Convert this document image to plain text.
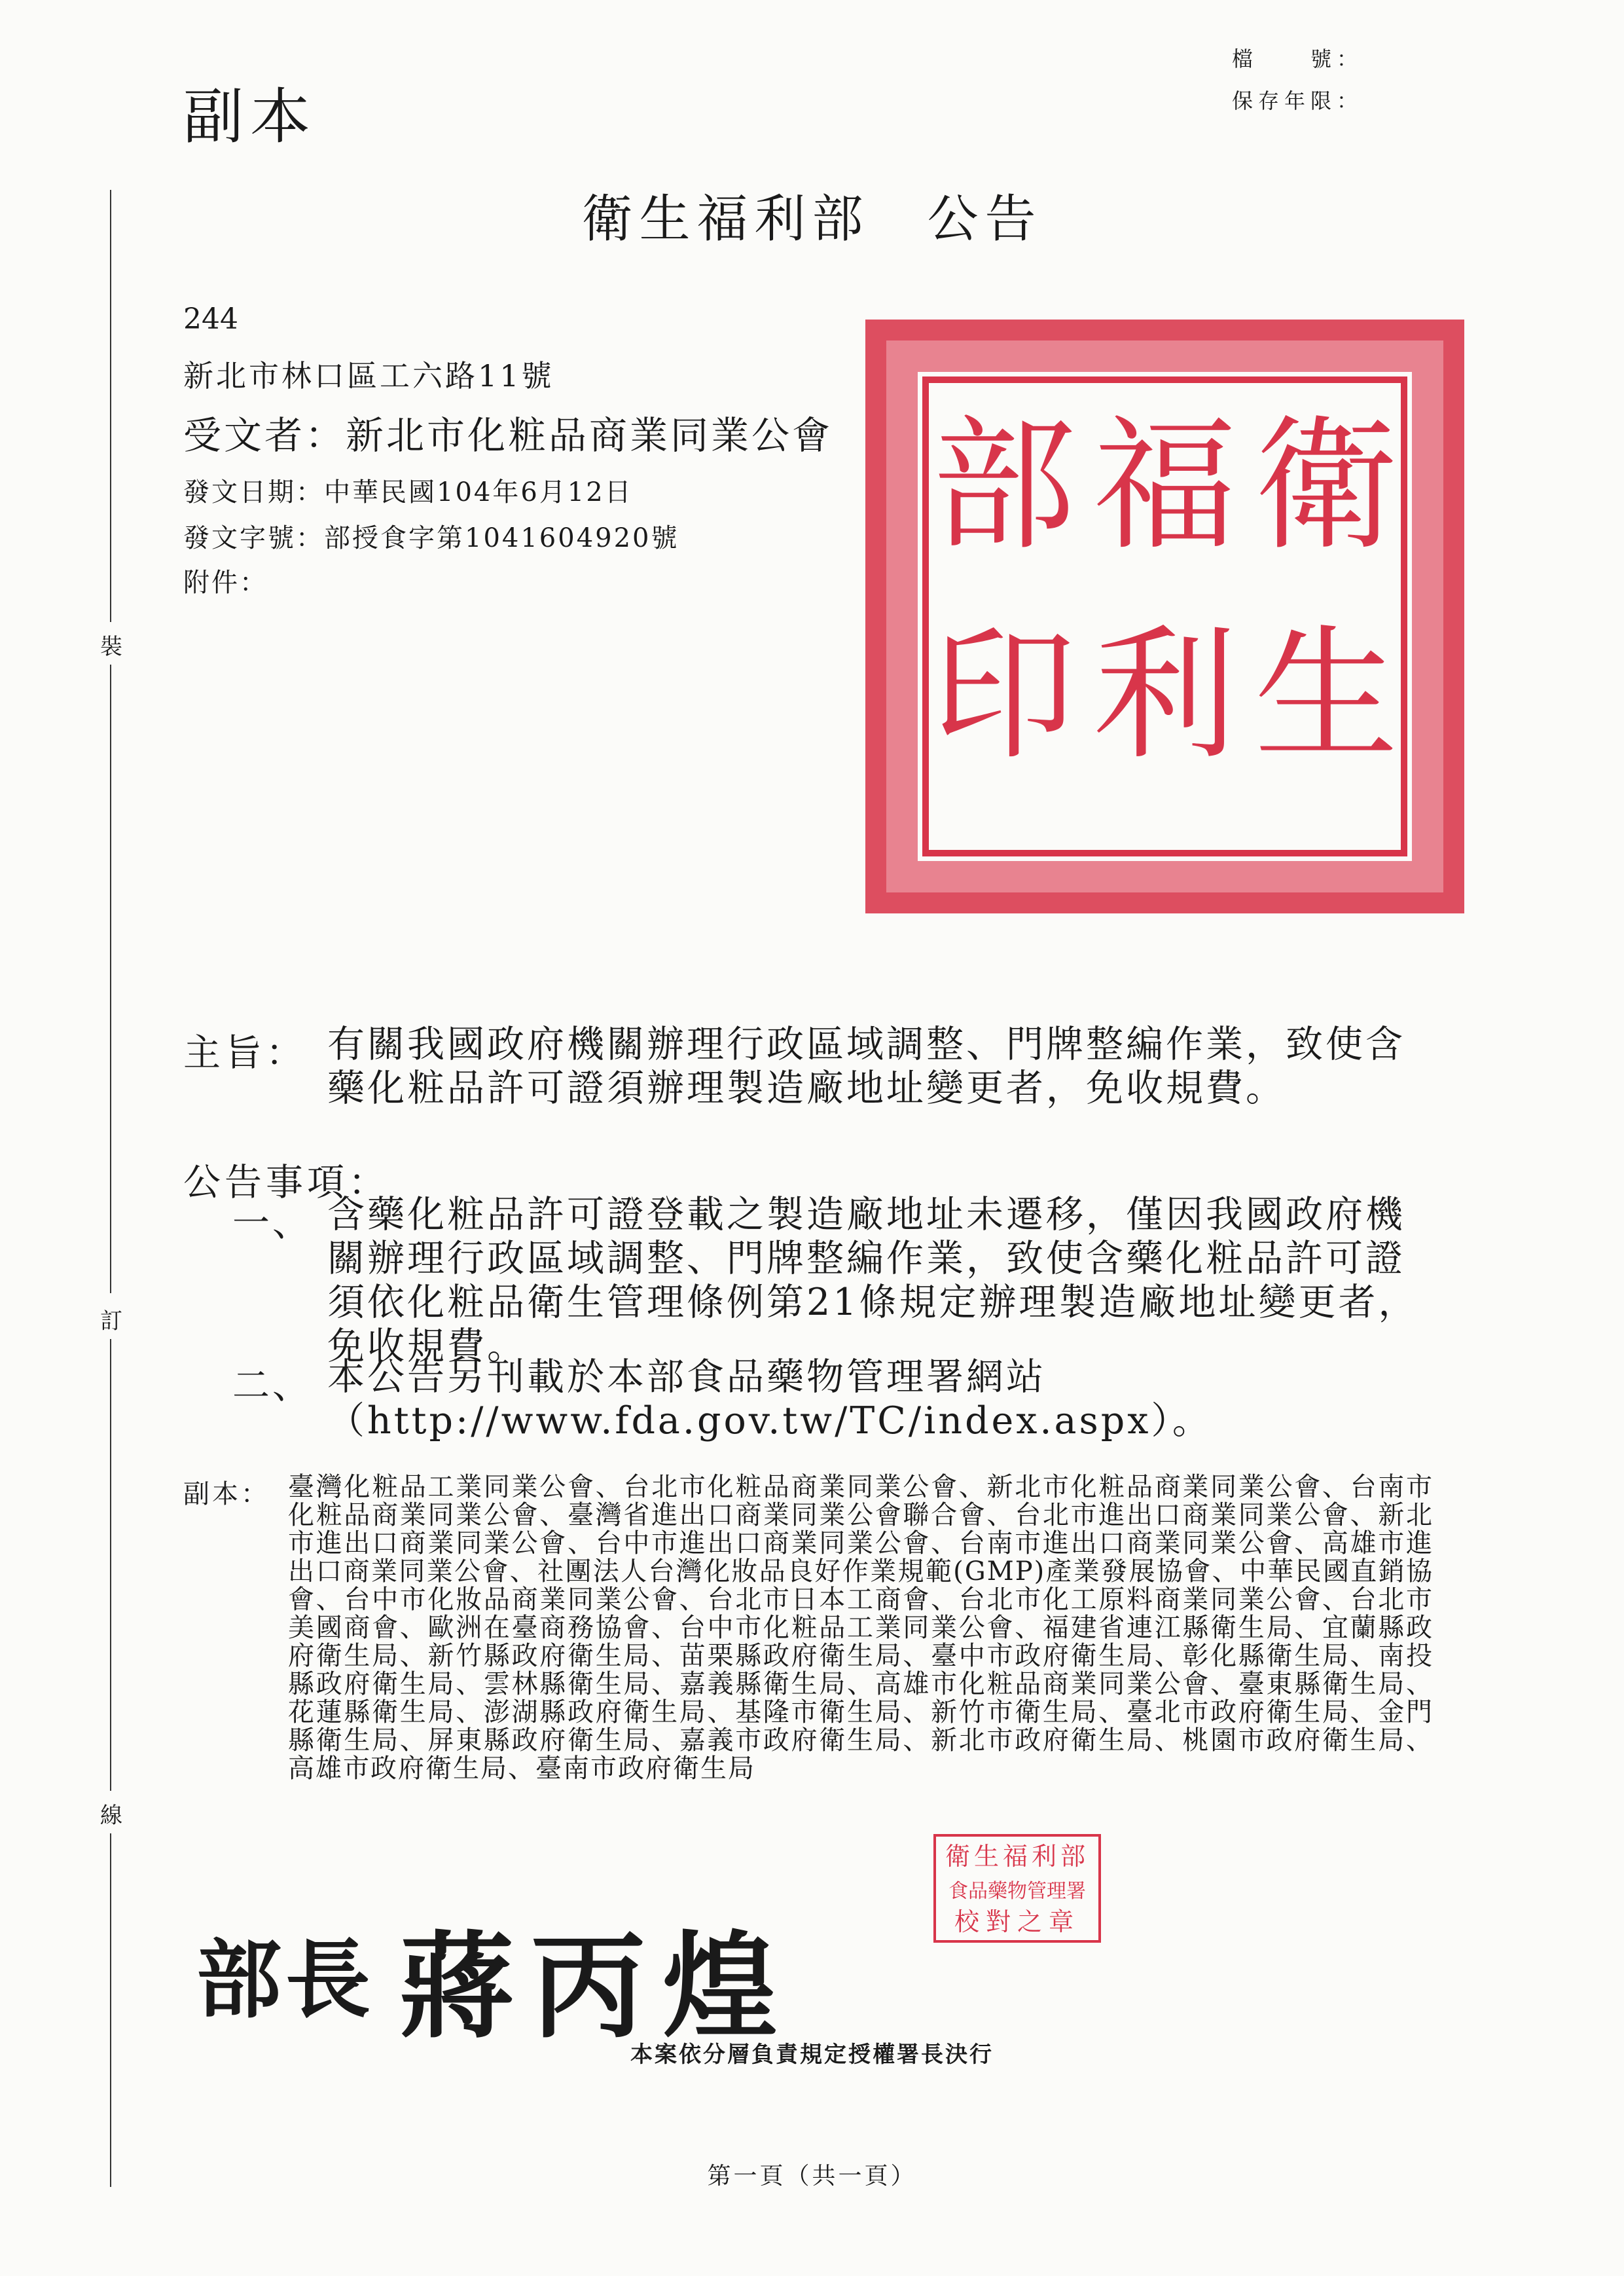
副本
檔　　號：
保存年限：
衛生福利部　公告
裝
訂
線
244
新北市林口區工六路11號
受文者：新北市化粧品商業同業公會
發文日期：中華民國104年6月12日
發文字號：部授食字第1041604920號
附件：
衛
生
福
利
部
印
主旨： 有關我國政府機關辦理行政區域調整、門牌整編作業，致使含藥化粧品許可證須辦理製造廠地址變更者，免收規費。
公告事項：
一、 含藥化粧品許可證登載之製造廠地址未遷移，僅因我國政府機關辦理行政區域調整、門牌整編作業，致使含藥化粧品許可證須依化粧品衛生管理條例第21條規定辦理製造廠地址變更者，免收規費。
二、 本公告另刊載於本部食品藥物管理署網站（http://www.fda.gov.tw/TC/index.aspx）。
副本： 臺灣化粧品工業同業公會、台北市化粧品商業同業公會、新北市化粧品商業同業公會、台南市化粧品商業同業公會、臺灣省進出口商業同業公會聯合會、台北市進出口商業同業公會、新北市進出口商業同業公會、台中市進出口商業同業公會、台南市進出口商業同業公會、高雄市進出口商業同業公會、社團法人台灣化妝品良好作業規範(GMP)產業發展協會、中華民國直銷協會、台中市化妝品商業同業公會、台北市日本工商會、台北市化工原料商業同業公會、台北市美國商會、歐洲在臺商務協會、台中市化粧品工業同業公會、福建省連江縣衛生局、宜蘭縣政府衛生局、新竹縣政府衛生局、苗栗縣政府衛生局、臺中市政府衛生局、彰化縣衛生局、南投縣政府衛生局、雲林縣衛生局、嘉義縣衛生局、高雄市化粧品商業同業公會、臺東縣衛生局、花蓮縣衛生局、澎湖縣政府衛生局、基隆市衛生局、新竹市衛生局、臺北市政府衛生局、金門縣衛生局、屏東縣政府衛生局、嘉義市政府衛生局、新北市政府衛生局、桃園市政府衛生局、高雄市政府衛生局、臺南市政府衛生局
衛生福利部
食品藥物管理署
校對之章
部長 蔣丙煌
本案依分層負責規定授權署長決行
第一頁（共一頁）
